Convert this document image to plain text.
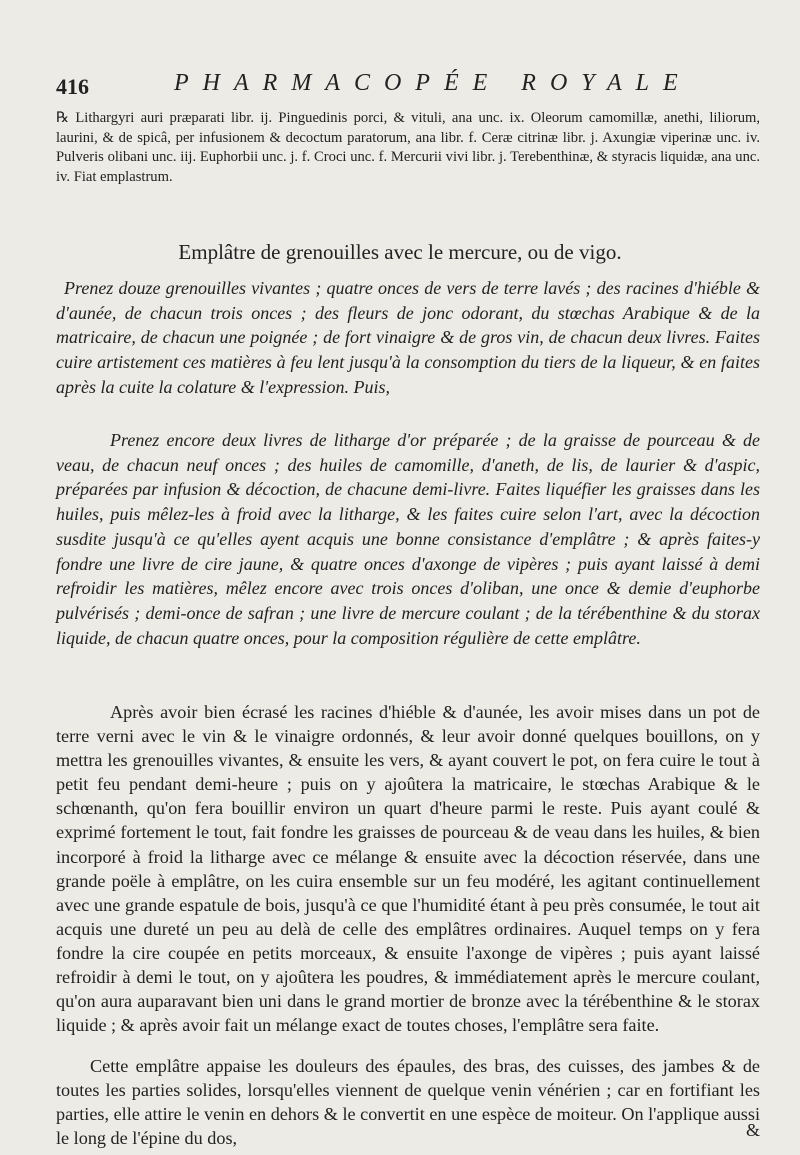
416	PHARMACOPÉE ROYALE

℞ Lithargyri auri præparati libr. ij. Pinguedinis porci, & vituli, ana unc. ix. Oleorum camomillæ, anethi, liliorum, laurini, & de spicâ, per infusionem & decoctum paratorum, ana libr. f. Ceræ citrinæ libr. j. Axungiæ viperinæ unc. iv. Pulveris olibani unc. iij. Euphorbii unc. j. f. Croci unc. f. Mercurii vivi libr. j. Terebenthinæ, & styracis liquidæ, ana unc. iv. Fiat emplastrum.

Emplâtre de grenouilles avec le mercure, ou de vigo.

Prenez douze grenouilles vivantes ; quatre onces de vers de terre lavés ; des racines d'hiéble & d'aunée, de chacun trois onces ; des fleurs de jonc odorant, du stœchas Arabique & de la matricaire, de chacun une poignée ; de fort vinaigre & de gros vin, de chacun deux livres. Faites cuire artistement ces matières à feu lent jusqu'à la consomption du tiers de la liqueur, & en faites après la cuite la colature & l'expression. Puis,

Prenez encore deux livres de litharge d'or préparée ; de la graisse de pourceau & de veau, de chacun neuf onces ; des huiles de camomille, d'aneth, de lis, de laurier & d'aspic, préparées par infusion & décoction, de chacune demi-livre. Faites liquéfier les graisses dans les huiles, puis mêlez-les à froid avec la litharge, & les faites cuire selon l'art, avec la décoction susdite jusqu'à ce qu'elles ayent acquis une bonne consistance d'emplâtre ; & après faites-y fondre une livre de cire jaune, & quatre onces d'axonge de vipères ; puis ayant laissé à demi refroidir les matières, mêlez encore avec trois onces d'oliban, une once & demie d'euphorbe pulvérisés ; demi-once de safran ; une livre de mercure coulant ; de la térébenthine & du storax liquide, de chacun quatre onces, pour la composition régulière de cette emplâtre.

Après avoir bien écrasé les racines d'hiéble & d'aunée, les avoir mises dans un pot de terre verni avec le vin & le vinaigre ordonnés, & leur avoir donné quelques bouillons, on y mettra les grenouilles vivantes, & ensuite les vers, & ayant couvert le pot, on fera cuire le tout à petit feu pendant demi-heure ; puis on y ajoûtera la matricaire, le stœchas Arabique & le schœnanth, qu'on fera bouillir environ un quart d'heure parmi le reste. Puis ayant coulé & exprimé fortement le tout, fait fondre les graisses de pourceau & de veau dans les huiles, & bien incorporé à froid la litharge avec ce mélange & ensuite avec la décoction réservée, dans une grande poële à emplâtre, on les cuira ensemble sur un feu modéré, les agitant continuellement avec une grande espatule de bois, jusqu'à ce que l'humidité étant à peu près consumée, le tout ait acquis une dureté un peu au delà de celle des emplâtres ordinaires. Auquel temps on y fera fondre la cire coupée en petits morceaux, & ensuite l'axonge de vipères ; puis ayant laissé refroidir à demi le tout, on y ajoûtera les poudres, & immédiatement après le mercure coulant, qu'on aura auparavant bien uni dans le grand mortier de bronze avec la térébenthine & le storax liquide ; & après avoir fait un mélange exact de toutes choses, l'emplâtre sera faite.

Cette emplâtre appaise les douleurs des épaules, des bras, des cuisses, des jambes & de toutes les parties solides, lorsqu'elles viennent de quelque venin vénérien ; car en fortifiant les parties, elle attire le venin en dehors & le convertit en une espèce de moiteur. On l'applique aussi le long de l'épine du dos,	&
